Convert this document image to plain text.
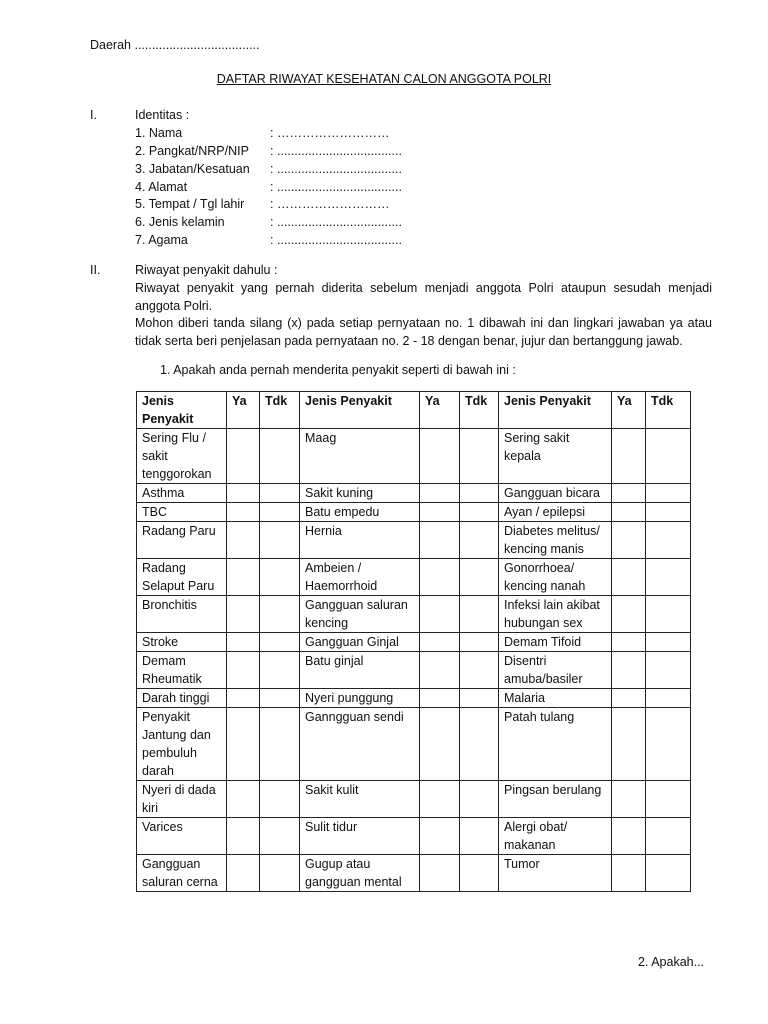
Daerah ....................................
DAFTAR RIWAYAT KESEHATAN CALON ANGGOTA POLRI
I.	Identitas :
1. Nama	: ………………………
2. Pangkat/NRP/NIP : ....................................
3. Jabatan/Kesatuan : ....................................
4. Alamat	: ....................................
5. Tempat / Tgl lahir : ………………………
6. Jenis kelamin	: ....................................
7. Agama	: ....................................
II.	Riwayat penyakit dahulu :

Riwayat penyakit yang pernah diderita sebelum menjadi anggota Polri ataupun sesudah menjadi anggota Polri.

Mohon diberi tanda silang (x) pada setiap pernyataan no. 1 dibawah ini dan lingkari jawaban ya atau tidak serta beri penjelasan pada pernyataan no. 2 - 18 dengan benar, jujur dan bertanggung jawab.

1. Apakah anda pernah menderita penyakit seperti di bawah ini :
Jenis Penyakit	Ya	Tdk	Jenis Penyakit	Ya	Tdk	Jenis Penyakit	Ya	Tdk
Sering Flu / sakit tenggorokan			Maag			Sering sakit kepala		
Asthma			Sakit kuning			Gangguan bicara		
TBC			Batu empedu			Ayan / epilepsi		
Radang Paru			Hernia			Diabetes melitus/ kencing manis		
Radang Selaput Paru			Ambeien / Haemorrhoid			Gonorrhoea/ kencing nanah		
Bronchitis			Gangguan saluran kencing			Infeksi lain akibat hubungan sex		
Stroke			Gangguan Ginjal			Demam Tifoid		
Demam Rheumatik			Batu ginjal			Disentri amuba/basiler		
Darah tinggi			Nyeri punggung			Malaria		
Penyakit Jantung dan pembuluh darah			Ganngguan sendi			Patah tulang		
Nyeri di dada kiri			Sakit kulit			Pingsan berulang		
Varices			Sulit tidur			Alergi obat/ makanan		
Gangguan saluran cerna			Gugup atau gangguan mental			Tumor		
2. Apakah...
